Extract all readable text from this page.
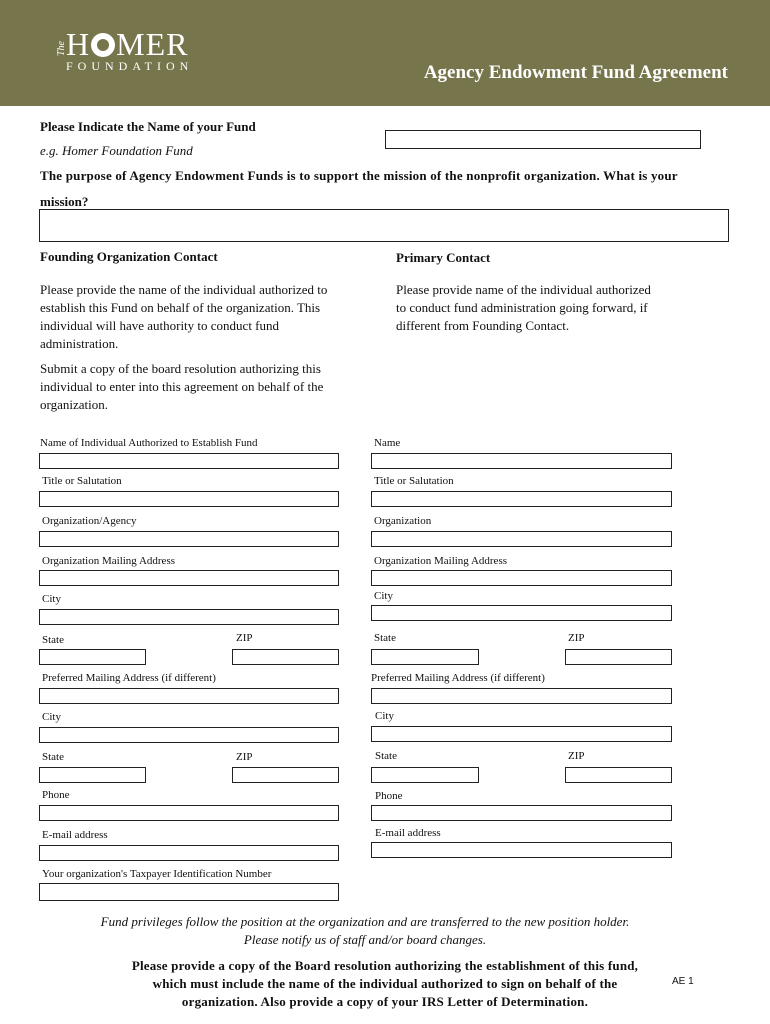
The H MER
FOUNDATION	Agency Endowment Fund Agreement
Please Indicate the Name of your Fund
e.g. Homer Foundation Fund
The purpose of Agency Endowment Funds is to support the mission of the nonprofit organization. What is your
mission?
Founding Organization Contact	Primary Contact
Please provide the name of the individual authorized to establish this Fund on behalf of the organization. This individual will have authority to conduct fund administration.
Please provide name of the individual authorized to conduct fund administration going forward, if different from Founding Contact.
Submit a copy of the board resolution authorizing this individual to enter into this agreement on behalf of the organization.
Name of Individual Authorized to Establish Fund
Title or Salutation
Organization/Agency
Organization Mailing Address
City
State	ZIP
Preferred Mailing Address (if different)
City
State	ZIP
Phone
E-mail address
Your organization's Taxpayer Identification Number
Name
Title or Salutation
Organization
Organization Mailing Address
City
State	ZIP
Preferred Mailing Address (if different)
City
State	ZIP
Phone
E-mail address
Fund privileges follow the position at the organization and are transferred to the new position holder.
Please notify us of staff and/or board changes.
Please provide a copy of the Board resolution authorizing the establishment of this fund,
which must include the name of the individual authorized to sign on behalf of the
organization. Also provide a copy of your IRS Letter of Determination.
AE 1
